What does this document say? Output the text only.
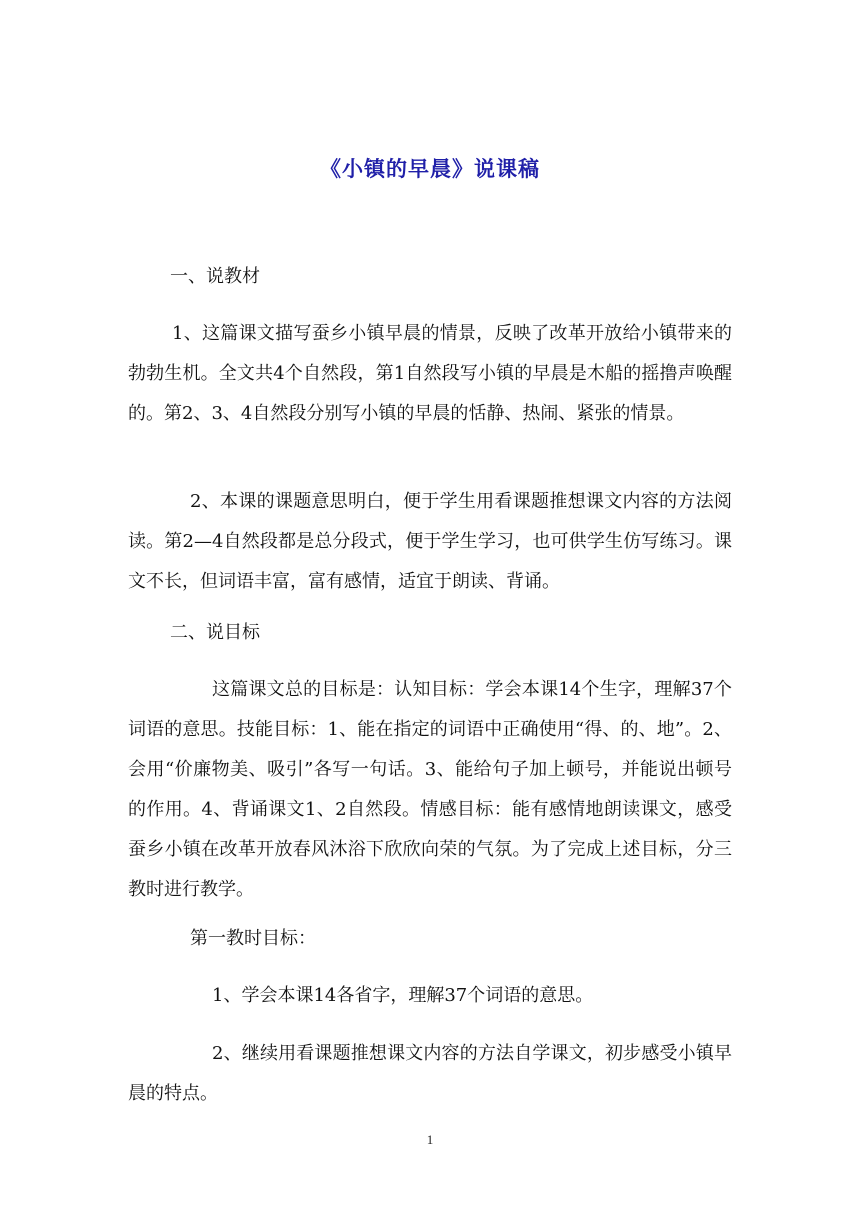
《小镇的早晨》说课稿
一、说教材
1、这篇课文描写蚕乡小镇早晨的情景，反映了改革开放给小镇带来的勃勃生机。全文共4个自然段，第1自然段写小镇的早晨是木船的摇撸声唤醒的。第2、3、4自然段分别写小镇的早晨的恬静、热闹、紧张的情景。
2、本课的课题意思明白，便于学生用看课题推想课文内容的方法阅读。第2—4自然段都是总分段式，便于学生学习，也可供学生仿写练习。课文不长，但词语丰富，富有感情，适宜于朗读、背诵。
二、说目标
这篇课文总的目标是：认知目标：学会本课14个生字，理解37个词语的意思。技能目标：1、能在指定的词语中正确使用“得、的、地”。2、会用“价廉物美、吸引”各写一句话。3、能给句子加上顿号，并能说出顿号的作用。4、背诵课文1、2自然段。情感目标：能有感情地朗读课文，感受蚕乡小镇在改革开放春风沐浴下欣欣向荣的气氛。为了完成上述目标，分三教时进行教学。
第一教时目标：
1、学会本课14各省字，理解37个词语的意思。
2、继续用看课题推想课文内容的方法自学课文，初步感受小镇早晨的特点。
1
